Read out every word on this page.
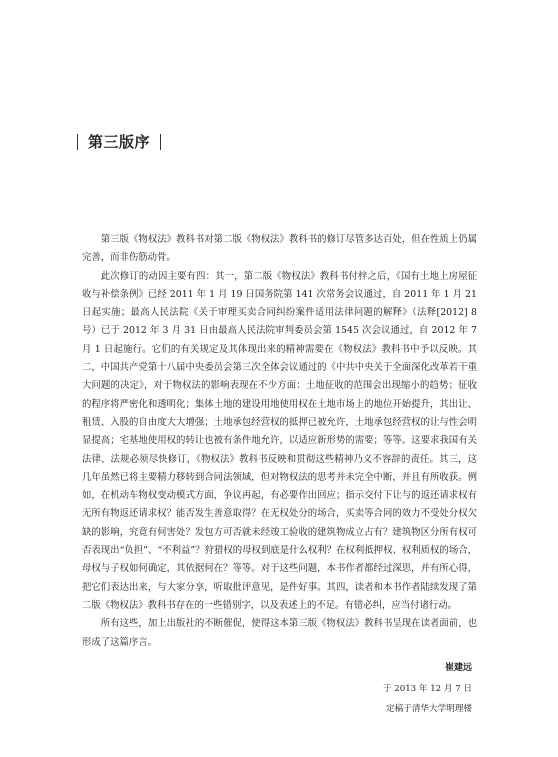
第三版序

第三版《物权法》教科书对第二版《物权法》教科书的修订尽管多达百处，但在性质上仍属完善，而非伤筋动骨。

此次修订的动因主要有四：其一，第二版《物权法》教科书付梓之后，《国有土地上房屋征收与补偿条例》已经 2011 年 1 月 19 日国务院第 141 次常务会议通过，自 2011 年 1 月 21 日起实施；最高人民法院《关于审理买卖合同纠纷案件适用法律问题的解释》（法释[2012] 8 号）已于 2012 年 3 月 31 日由最高人民法院审判委员会第 1545 次会议通过，自 2012 年 7 月 1 日起施行。它们的有关规定及其体现出来的精神需要在《物权法》教科书中予以反映。其二，中国共产党第十八届中央委员会第三次全体会议通过的《中共中央关于全面深化改革若干重大问题的决定》，对于物权法的影响表现在不少方面：土地征收的范围会出现缩小的趋势；征收的程序将严密化和透明化；集体土地的建设用地使用权在土地市场上的地位开始提升，其出让、租赁、入股的自由度大大增强；土地承包经营权的抵押已被允许，土地承包经营权的让与性会明显提高；宅基地使用权的转让也被有条件地允许，以适应新形势的需要；等等。这要求我国有关法律、法规必须尽快修订，《物权法》教科书反映和贯彻这些精神乃义不容辞的责任。其三，这几年虽然已将主要精力移转到合同法领域，但对物权法的思考并未完全中断，并且有所收获。例如，在机动车物权变动模式方面，争议再起，有必要作出回应；指示交付下让与的返还请求权有无所有物返还请求权？能否发生善意取得？在无权处分的场合，买卖等合同的效力不受处分权欠缺的影响，究竟有何害处？发包方可否就未经竣工验收的建筑物成立占有？建筑物区分所有权可否表现出“负担”、“不利益”？狩猎权的母权到底是什么权利？在权利抵押权、权利质权的场合，母权与子权如何确定，其依据何在？等等。对于这些问题，本书作者都经过深思，并有所心得，把它们表达出来，与大家分享，听取批评意见，是件好事。其四，读者和本书作者陆续发现了第二版《物权法》教科书存在的一些错别字，以及表述上的不足。有错必纠，应当付诸行动。

所有这些，加上出版社的不断催促，使得这本第三版《物权法》教科书呈现在读者面前，也形成了这篇序言。

崔建远
于 2013 年 12 月 7 日
定稿于清华大学明理楼
